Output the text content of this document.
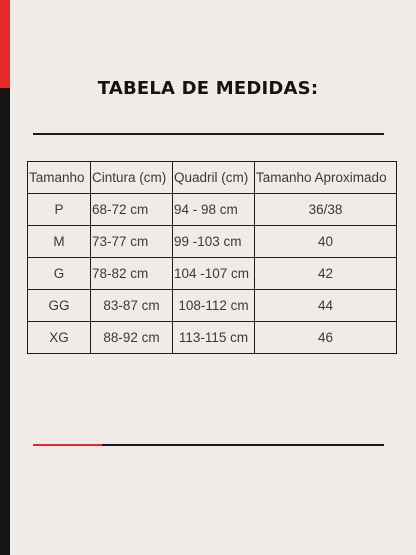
TABELA DE MEDIDAS:
Tamanho	Cintura (cm)	Quadril (cm)	Tamanho Aproximado
P	68-72 cm	94 - 98 cm	36/38
M	73-77 cm	99 -103 cm	40
G	78-82 cm	104 -107 cm	42
GG	83-87 cm	108-112 cm	44
XG	88-92 cm	113-115 cm	46
